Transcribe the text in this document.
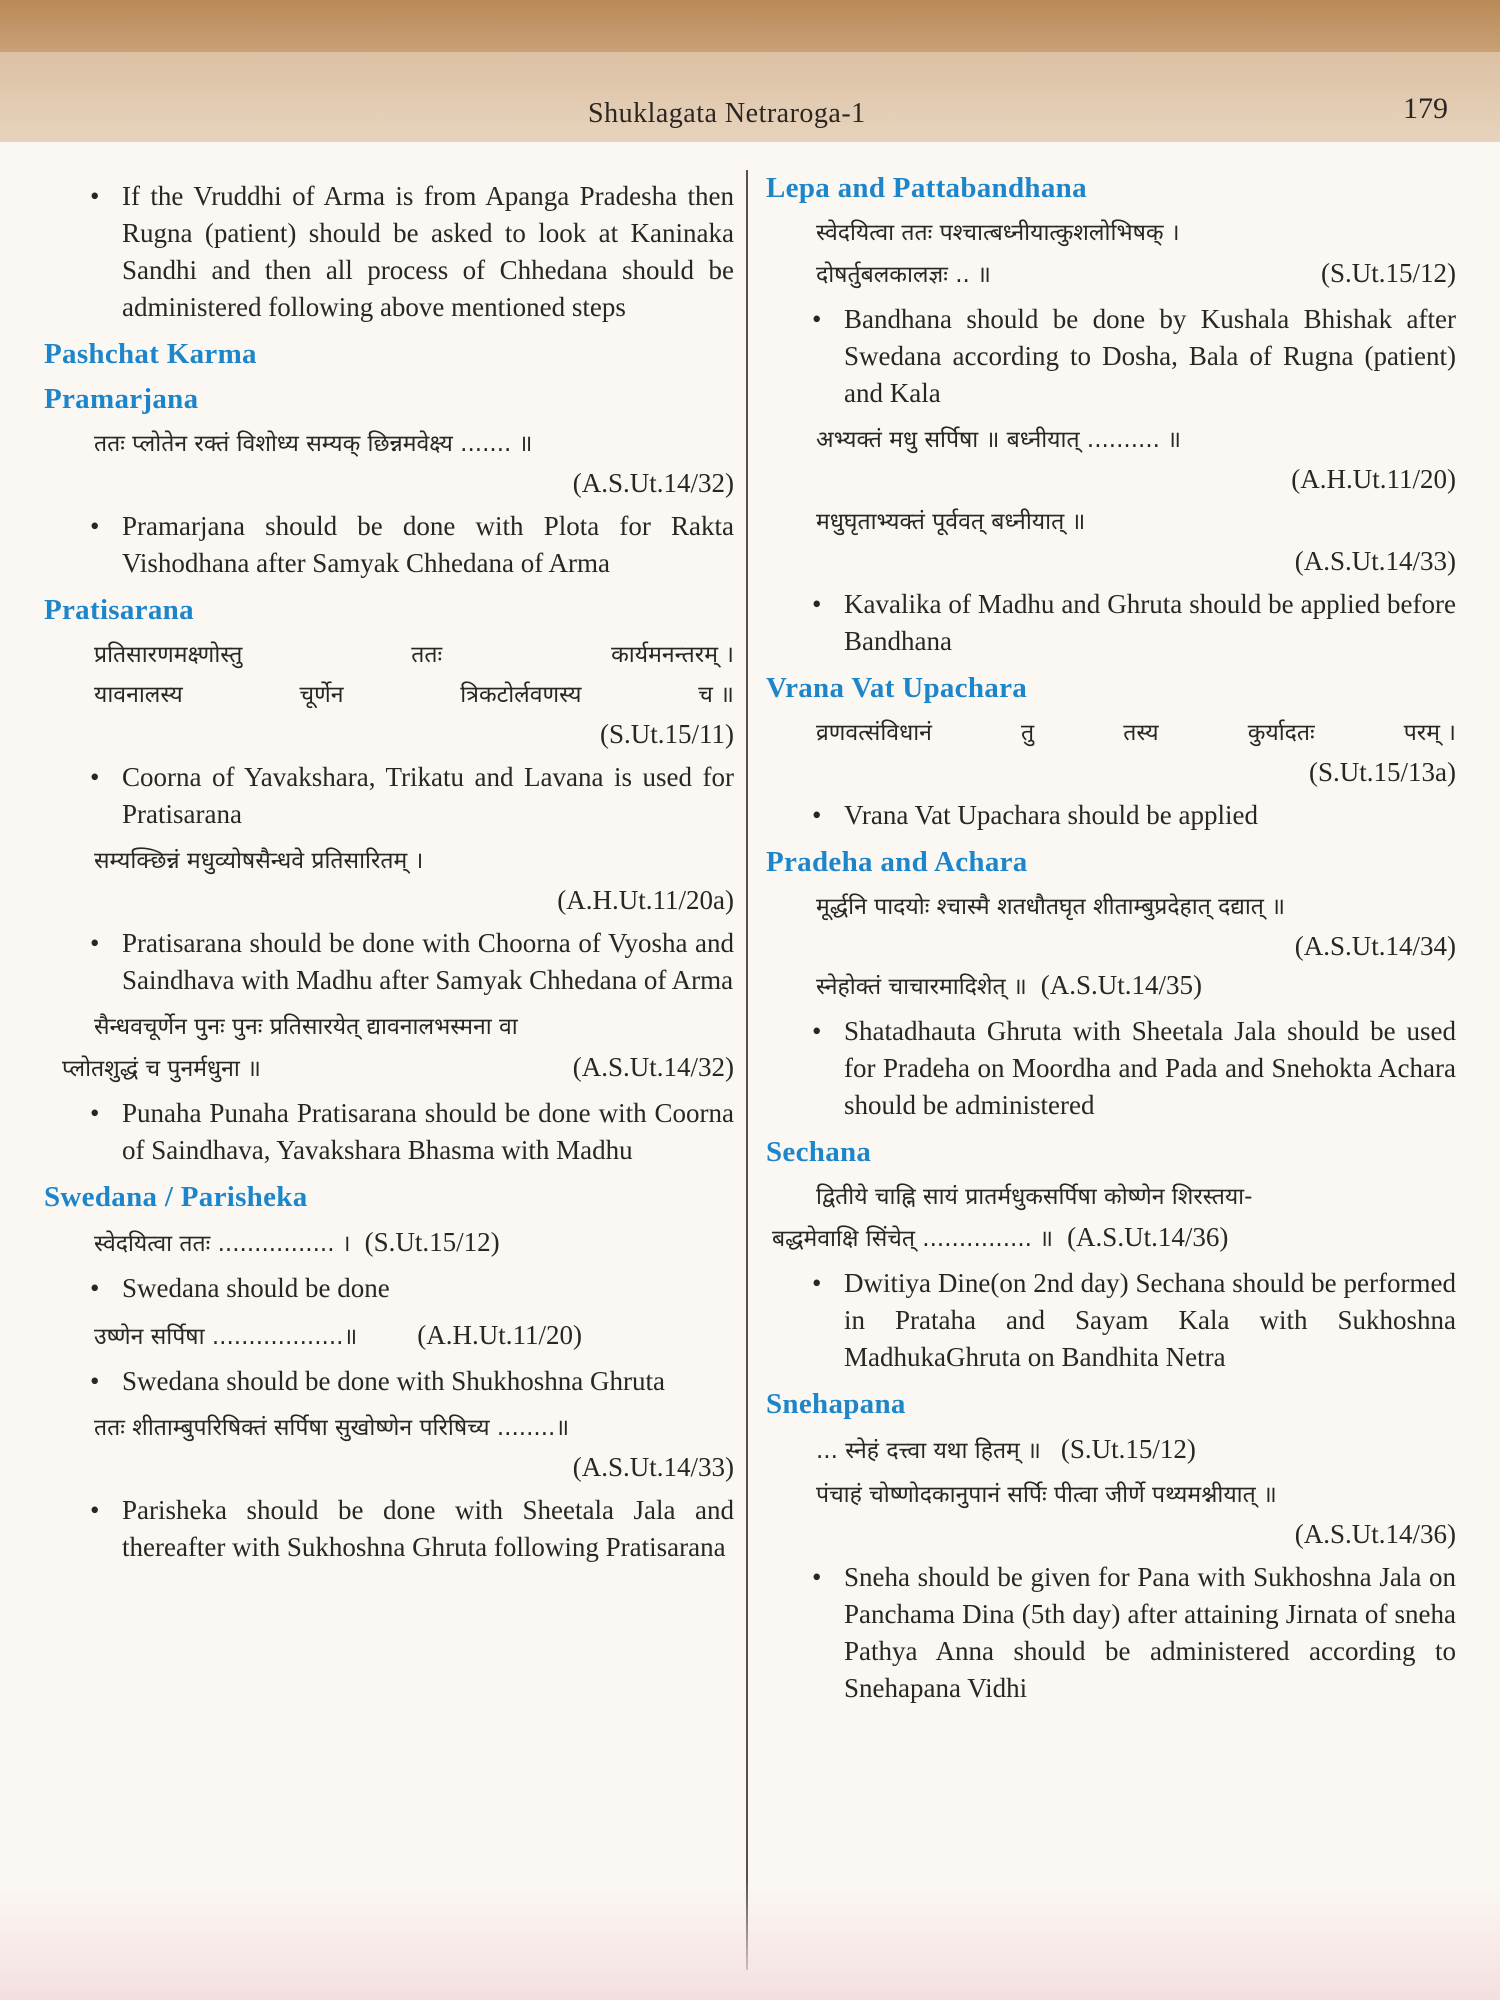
Shuklagata Netraroga-1	179
• If the Vruddhi of Arma is from Apanga Pradesha then Rugna (patient) should be asked to look at Kaninaka Sandhi and then all process of Chhedana should be administered following above mentioned steps
Pashchat Karma
Pramarjana
ततः प्लोतेन रक्तं विशोध्य सम्यक् छिन्नमवेक्ष्य ....... ॥
(A.S.Ut.14/32)
• Pramarjana should be done with Plota for Rakta Vishodhana after Samyak Chhedana of Arma
Pratisarana
प्रतिसारणमक्ष्णोस्तु	ततः	कार्यमनन्तरम् ।
यावनालस्य	चूर्णेन	त्रिकटोर्लवणस्य	च ॥
(S.Ut.15/11)
• Coorna of Yavakshara, Trikatu and Lavana is used for Pratisarana
सम्यक्छिन्नं मधुव्योषसैन्धवे प्रतिसारितम् ।
(A.H.Ut.11/20a)
• Pratisarana should be done with Choorna of Vyosha and Saindhava with Madhu after Samyak Chhedana of Arma
सैन्धवचूर्णेन पुनः पुनः प्रतिसारयेत् द्यावनालभस्मना वा
प्लोतशुद्धं च पुनर्मधुना ॥	(A.S.Ut.14/32)
• Punaha Punaha Pratisarana should be done with Coorna of Saindhava, Yavakshara Bhasma with Madhu
Swedana / Parisheka
स्वेदयित्वा ततः ................ । (S.Ut.15/12)
• Swedana should be done
उष्णेन सर्पिषा ..................॥ (A.H.Ut.11/20)
• Swedana should be done with Shukhoshna Ghruta
ततः शीताम्बुपरिषिक्तं सर्पिषा सुखोष्णेन परिषिच्य ........॥
(A.S.Ut.14/33)
• Parisheka should be done with Sheetala Jala and thereafter with Sukhoshna Ghruta following Pratisarana
Lepa and Pattabandhana
स्वेदयित्वा ततः पश्चात्बध्नीयात्कुशलोभिषक् ।
दोषर्तुबलकालज्ञः .. ॥	(S.Ut.15/12)
• Bandhana should be done by Kushala Bhishak after Swedana according to Dosha, Bala of Rugna (patient) and Kala
अभ्यक्तं मधु सर्पिषा ॥ बध्नीयात् .......... ॥
(A.H.Ut.11/20)
मधुघृताभ्यक्तं पूर्ववत् बध्नीयात् ॥
(A.S.Ut.14/33)
• Kavalika of Madhu and Ghruta should be applied before Bandhana
Vrana Vat Upachara
व्रणवत्संविधानं	तु	तस्य	कुर्यादतः	परम् ।
(S.Ut.15/13a)
• Vrana Vat Upachara should be applied
Pradeha and Achara
मूर्द्धनि पादयोः श्चास्मै शतधौतघृत शीताम्बुप्रदेहात् दद्यात् ॥
(A.S.Ut.14/34)
स्नेहोक्तं चाचारमादिशेत् ॥ (A.S.Ut.14/35)
• Shatadhauta Ghruta with Sheetala Jala should be used for Pradeha on Moordha and Pada and Snehokta Achara should be administered
Sechana
द्वितीये चाह्नि सायं प्रातर्मधुकसर्पिषा कोष्णेन शिरस्तया-
बद्धमेवाक्षि सिंचेत् ............... ॥ (A.S.Ut.14/36)
• Dwitiya Dine(on 2nd day) Sechana should be performed in Prataha and Sayam Kala with Sukhoshna MadhukaGhruta on Bandhita Netra
Snehapana
... स्नेहं दत्त्वा यथा हितम् ॥ (S.Ut.15/12)
पंचाहं चोष्णोदकानुपानं सर्पिः पीत्वा जीर्णे पथ्यमश्नीयात् ॥
(A.S.Ut.14/36)
• Sneha should be given for Pana with Sukhoshna Jala on Panchama Dina (5th day) after attaining Jirnata of sneha Pathya Anna should be administered according to Snehapana Vidhi
